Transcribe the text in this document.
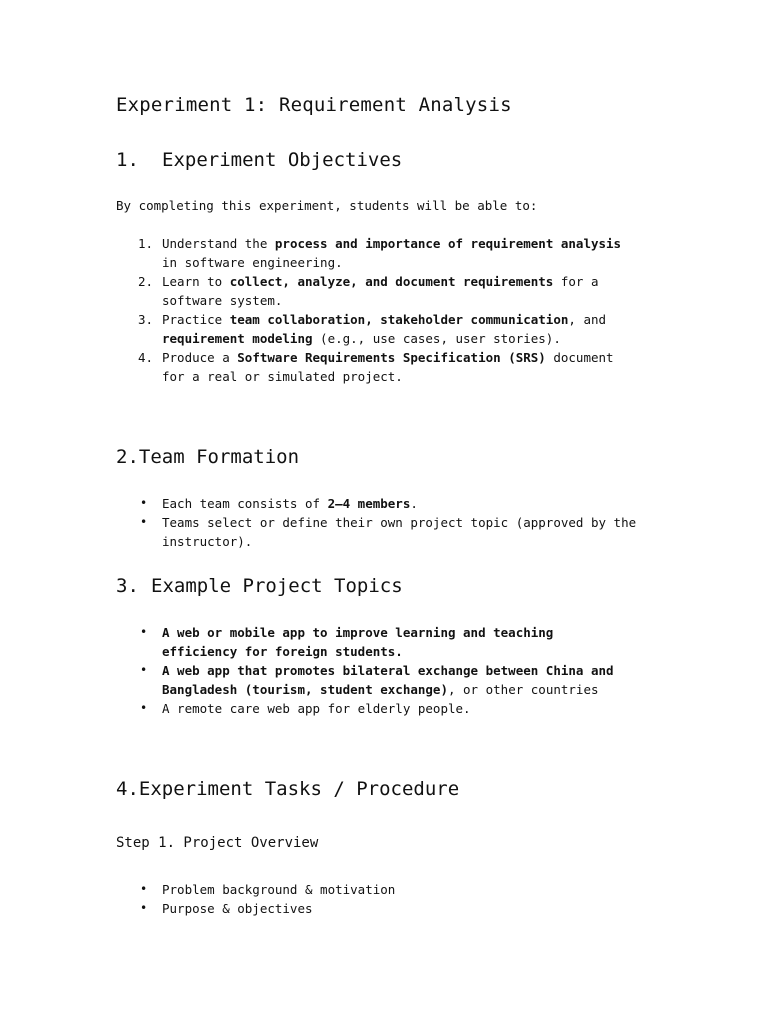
Experiment 1: Requirement Analysis
1. Experiment Objectives

By completing this experiment, students will be able to:

1. Understand the process and importance of requirement analysis
in software engineering.
2. Learn to collect, analyze, and document requirements for a
software system.
3. Practice team collaboration, stakeholder communication, and
requirement modeling (e.g., use cases, user stories).
4. Produce a Software Requirements Specification (SRS) document
for a real or simulated project.
2.Team Formation
• Each team consists of 2–4 members.
• Teams select or define their own project topic (approved by the
instructor).
3. Example Project Topics
• A web or mobile app to improve learning and teaching
efficiency for foreign students.
• A web app that promotes bilateral exchange between China and
Bangladesh (tourism, student exchange), or other countries
• A remote care web app for elderly people.
4.Experiment Tasks / Procedure
Step 1. Project Overview
• Problem background & motivation
• Purpose & objectives
